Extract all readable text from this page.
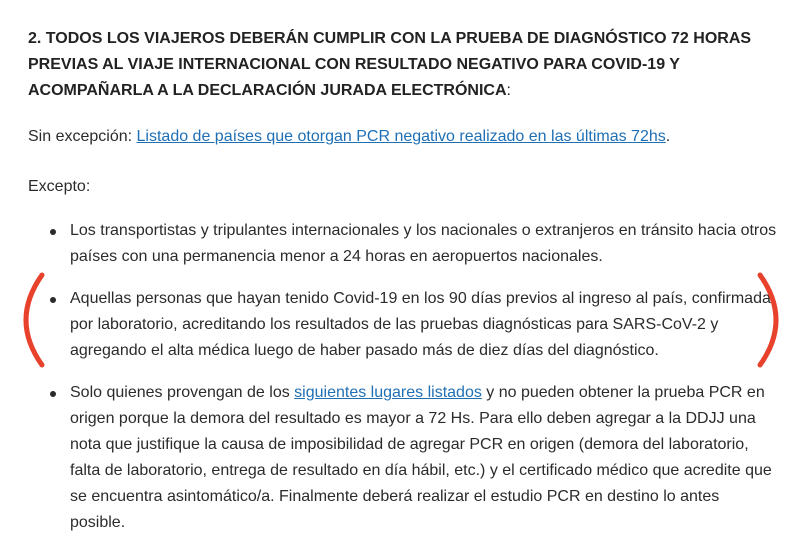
2. TODOS LOS VIAJEROS DEBERÁN CUMPLIR CON LA PRUEBA DE DIAGNÓSTICO 72 HORAS PREVIAS AL VIAJE INTERNACIONAL CON RESULTADO NEGATIVO PARA COVID-19 Y ACOMPAÑARLA A LA DECLARACIÓN JURADA ELECTRÓNICA:

Sin excepción: Listado de países que otorgan PCR negativo realizado en las últimas 72hs.

Excepto:

Los transportistas y tripulantes internacionales y los nacionales o extranjeros en tránsito hacia otros países con una permanencia menor a 24 horas en aeropuertos nacionales.
Aquellas personas que hayan tenido Covid-19 en los 90 días previos al ingreso al país, confirmada por laboratorio, acreditando los resultados de las pruebas diagnósticas para SARS-CoV-2 y agregando el alta médica luego de haber pasado más de diez días del diagnóstico.
Solo quienes provengan de los siguientes lugares listados y no pueden obtener la prueba PCR en origen porque la demora del resultado es mayor a 72 Hs. Para ello deben agregar a la DDJJ una nota que justifique la causa de imposibilidad de agregar PCR en origen (demora del laboratorio, falta de laboratorio, entrega de resultado en día hábil, etc.) y el certificado médico que acredite que se encuentra asintomático/a. Finalmente deberá realizar el estudio PCR en destino lo antes posible.
